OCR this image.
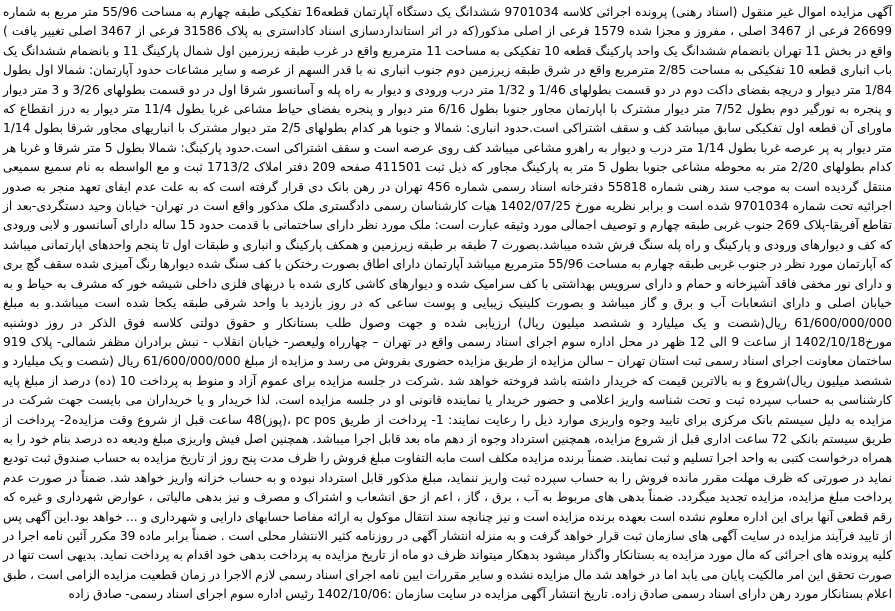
آگهی مزایده اموال غیر منقول (اسناد رهنی) پرونده اجرائی کلاسه 9701034 ششدانگ یک دستگاه آپارتمان قطعه16 تفکیکی طبقه چهارم به مساحت 55/96 متر مربع به شماره 26699 فرعی از 3467 اصلی ، مفروز و مجزا شده 1579 فرعی از اصلی مذکور(که در اثر استانداردسازی اسناد کاداستری به پلاک 31586 فرعی از 3467 اصلی تغییر یافت ) واقع در بخش 11 تهران بانضمام ششدانگ یک واحد پارکینگ قطعه 10 تفکیکی به مساحت 11 مترمربع واقع در غرب طبقه زیرزمین اول شمال پارکینگ 11 و بانضمام ششدانگ یک باب انباری قطعه 10 تفکیکی به مساحت 2/85 مترمربع واقع در شرق طبقه زیرزمین دوم جنوب انباری نه با قدر السهم از عرصه و سایر مشاعات حدود آپارتمان: شمالا اول بطول 1/84 متر دیوار و دریچه بفضای داکت دوم در دو قسمت بطولهای 1/46 و 1/32 متر درب ورودی و دیوار به راه پله و آسانسور شرقا اول در دو قسمت بطولهای 3/26 و 3 متر دیوار و پنجره به نورگیر دوم بطول 7/52 متر دیوار مشترک با اپارتمان مجاور جنوبا بطول 6/16 متر دیوار و پنجره بفضای حیاط مشاعی غربا بطول 11/4 متر دیوار به درز انقطاع که ماورای آن قطعه اول تفکیکی سابق میباشد کف و سقف اشتراکی است.حدود انباری: شمالا و جنوبا هر کدام بطولهای 2/5 متر دیوار مشترک با انباریهای مجاور شرقا بطول 1/14 متر دیوار به پر عرصه غربا بطول 1/14 متر درب و دیوار به راهرو مشاعی میباشد کف روی عرصه است و سقف اشتراکی است.حدود پارکینگ: شمالا بطول 5 متر شرقا و غربا هر کدام بطولهای 2/20 متر به محوطه مشاعی جنوبا بطول 5 متر به پارکینگ مجاور که ذیل ثبت 411501 صفحه 209 دفتر املاک 1713/2 ثبت و مع الواسطه به نام سمیع سمیعی منتقل گردیده است به موجب سند رهنی شماره 55818 دفترخانه اسناد رسمی شماره 456 تهران در رهن بانک دی قرار گرفته است که به علت عدم ایفای تعهد منجر به صدور اجرائیه تحت شماره 9701034 شده است و برابر نظریه مورخ 1402/07/25 هیات کارشناسان رسمی دادگستری ملک مذکور واقع است در تهران- خیابان وحید دستگردی-بعد از تقاطع آفریقا-پلاک 269 جنوب غربی طبقه چهارم و توصیف اجمالی مورد وثیقه عبارت است: ملک مورد نظر دارای ساختمانی با قدمت حدود 15 ساله دارای آسانسور و لابی ورودی که کف و دیوارهای ورودی و پارکینگ و راه پله سنگ فرش شده میباشد.بصورت 7 طبقه بر طبقه زیرزمین و همکف پارکینگ و انباری و طبقات اول تا پنجم واحدهای اپارتمانی میباشد که آپارتمان مورد نظر در جنوب غربی طبقه چهارم به مساحت 55/96 مترمربع میباشد آپارتمان دارای اطاق بصورت رختکن با کف سنگ شده دیوارها رنگ آمیزی شده سقف گچ بری و دارای نور مخفی فاقد آشپزخانه و حمام و دارای سرویس بهداشتی با کف سرامیک شده و دیوارهای کاشی کاری شده با دربهای فلزی داخلی شیشه خور که مشرف به حیاط و به خیابان اصلی و دارای انشعابات آب و برق و گاز میباشد و بصورت کلینیک زیبایی و پوست ساعی که در روز بازدید با واحد شرقی طبقه یکجا شده است میباشد.و به مبلغ 61/600/000/000 ریال(شصت و یک میلیارد و ششصد میلیون ریال) ارزیابی شده و جهت وصول طلب بستانکار و حقوق دولتی کلاسه فوق الذکر در روز دوشنبه مورخ1402/10/18 از ساعت 9 الی 12 ظهر در محل اداره سوم اجرای اسناد رسمی واقع در تهران – چهارراه ولیعصر- خیابان انقلاب - نبش برادران مظفر شمالی- پلاک 919 ساختمان معاونت اجرای اسناد رسمی ثبت استان تهران – سالن مزایده از طریق مزایده حضوری بفروش می رسد و مزایده از مبلغ 61/600/000/000 ریال (شصت و یک میلیارد و ششصد میلیون ریال)شروع و به بالاترین قیمت که خریدار داشته باشد فروخته خواهد شد .شرکت در جلسه مزایده برای عموم آزاد و منوط به پرداخت 10 (ده) درصد از مبلغ پایه کارشناسی به حساب سپرده ثبت و تحت شناسه واریز اعلامی و حضور خریدار یا نماینده قانونی او در جلسه مزایده است. لذا خریدار و یا خریداران می بایست جهت شرکت در مزایده به دلیل سیستم بانک مرکزی برای تایید وجوه واریزی موارد ذیل را رعایت نمایند: 1- پرداخت از طریق pc pos ،(پوز)48 ساعت قبل از شروع وقت مزایده2- پرداخت از طریق سیستم بانکی 72 ساعت اداری قبل از شروع مزایده، همچنین استرداد وجوه از دهم ماه بعد قابل اجرا میباشد. همچنین اصل فیش واریزی مبلغ ودیعه ده درصد بنام خود را به همراه درخواست کتبی به واحد اجرا تسلیم و ثبت نمایند. ضمناً برنده مزایده مکلف است مابه التفاوت مبلغ فروش را ظرف مدت پنج روز از تاریخ مزایده به حساب صندوق ثبت تودیع نماید در صورتی که ظرف مهلت مقرر مانده فروش را به حساب سپرده ثبت واریز ننماید، مبلغ مذکور قابل استرداد نبوده و به حساب خزانه واریز خواهد شد. ضمناً در صورت عدم پرداخت مبلغ مزایده، مزایده تجدید میگردد. ضمناً بدهی های مربوط به آب ، برق ، گاز ، اعم از حق انشعاب و اشتراک و مصرف و نیز بدهی مالیاتی ، عوارض شهرداری و غیره که رقم قطعی آنها برای این اداره معلوم نشده است بعهده برنده مزایده است و نیز چنانچه سند انتقال موکول به ارائه مفاصا حسابهای دارایی و شهرداری و ... خواهد بود.این آگهی پس از تایید فرآیند مزایده در سایت آگهی های سازمان ثبت قرار خواهد گرفت و به منزله انتشار آگهی در روزنامه کثیر الانتشار محلی است . ضمناً برابر ماده 39 مکرر آئین نامه اجرا در کلیه پرونده های اجرائی که مال مورد مزایده به بستانکار واگذار میشود بدهکار میتواند ظرف دو ماه از تاریخ مزایده به پرداخت بدهی خود اقدام به پرداخت نماید. بدیهی است تنها در صورت تحقق این امر مالکیت پایان می یابد اما در خواهد شد مال مزایده نشده و سایر مقررات ایین نامه اجرای اسناد رسمی لازم الاجرا در زمان قطعیت مزایده الزامی است ، طبق اعلام بستانکار مورد رهن دارای اسناد رسمی صادق زاده. تاریخ انتشار آگهی مزایده در سایت سازمان :1402/10/06 رئیس اداره سوم اجرای اسناد رسمی- صادق زاده
